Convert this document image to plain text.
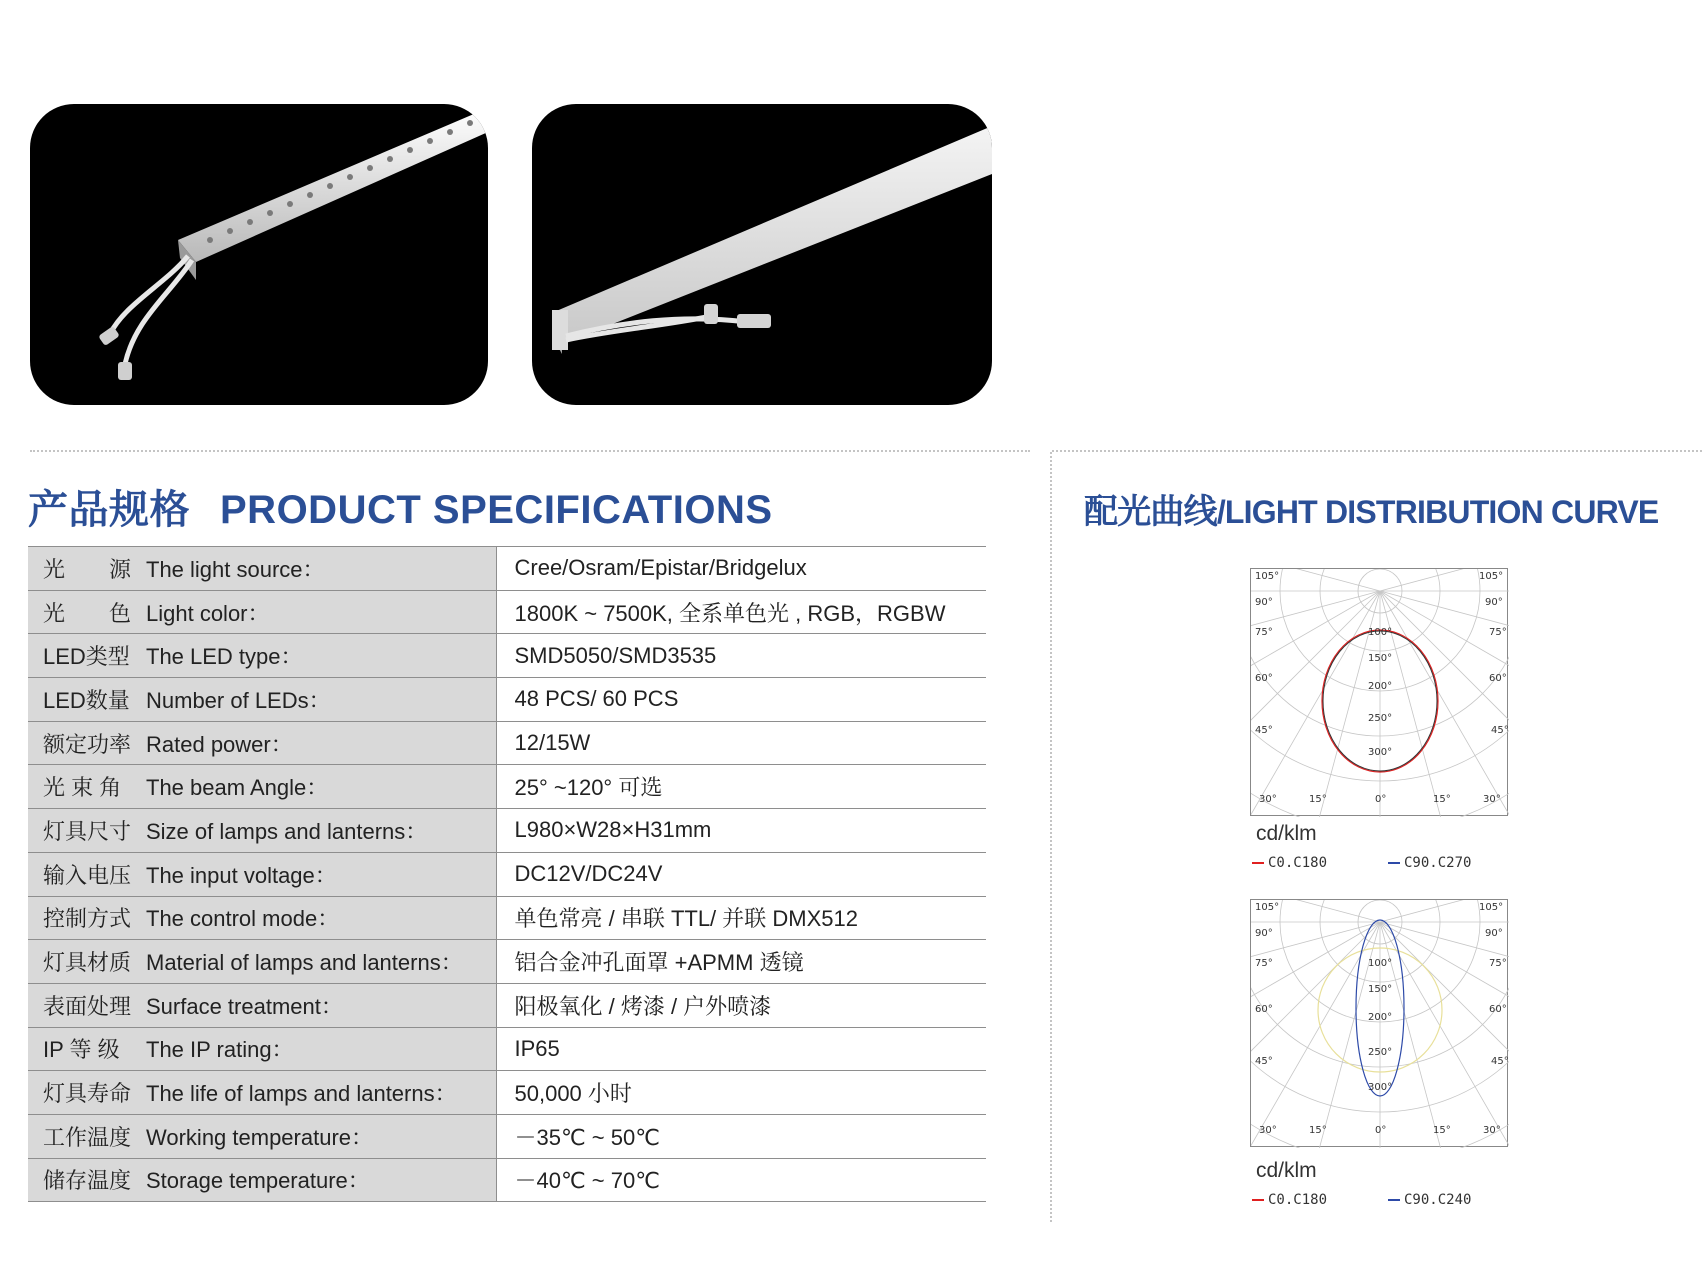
产品规格 PRODUCT SPECIFICATIONS	配光曲线/LIGHT DISTRIBUTION CURVE
光　　源 The light source：	Cree/Osram/Epistar/Bridgelux
光　　色 Light color：	1800K ~ 7500K, 全系单色光 , RGB，RGBW
LED类型 The LED type：	SMD5050/SMD3535
LED数量 Number of LEDs：	48 PCS/ 60 PCS
额定功率 Rated power：	12/15W
光 束 角 The beam Angle：	25° ~120° 可选
灯具尺寸 Size of lamps and lanterns：	L980×W28×H31mm
输入电压 The input voltage：	DC12V/DC24V
控制方式 The control mode：	单色常亮 / 串联 TTL/ 并联 DMX512
灯具材质 Material of lamps and lanterns：	铝合金冲孔面罩 +APMM 透镜
表面处理 Surface treatment：	阳极氧化 / 烤漆 / 户外喷漆
IP 等 级 The IP rating：	IP65
灯具寿命 The life of lamps and lanterns：	50,000 小时
工作温度 Working temperature：	－35℃ ~ 50℃
储存温度 Storage temperature：	－40℃ ~ 70℃
105°
90°
75°
60°
45°
30°	15°
105°
90°
75°
60°
45°
30°
15°
0°
100°
150°
200°
250°
300°
cd/klm
C0.C180	C90.C270
105°
90°
75°
60°
45°
30°	15°
105°
90°
75°
60°
45°
30°
15°
0°
100°
150°
200°
250°
300°
cd/klm
C0.C180	C90.C240
